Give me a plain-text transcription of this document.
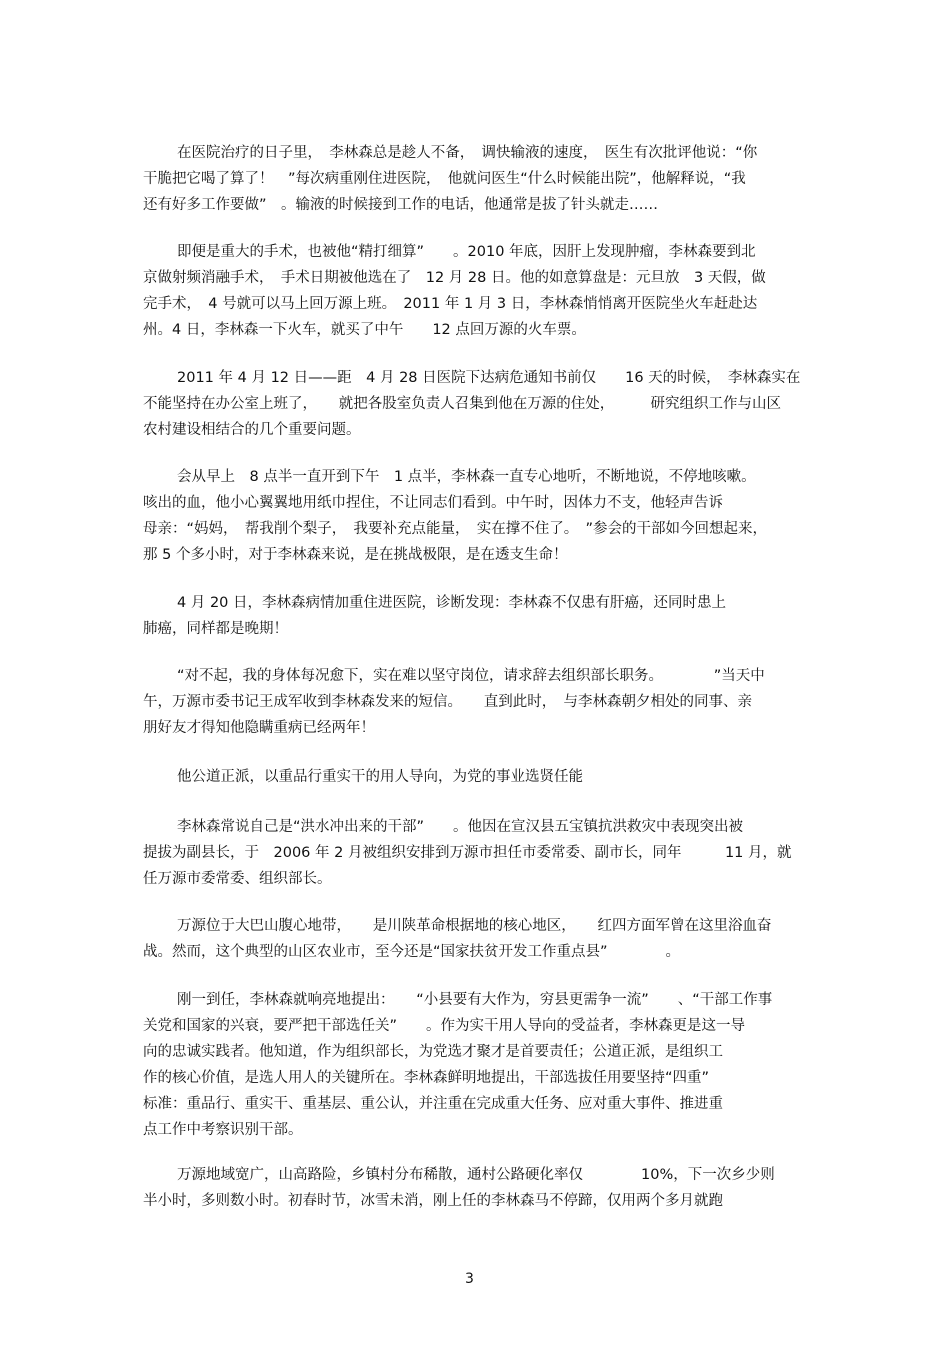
在医院治疗的日子里，　李林森总是趁人不备，　调快输液的速度，　医生有次批评他说：“你
干脆把它喝了算了！　”每次病重刚住进医院，　他就问医生“什么时候能出院”，他解释说，“我
还有好多工作要做”　。输液的时候接到工作的电话，他通常是拔了针头就走……
即便是重大的手术，也被他“精打细算”　　。2010 年底，因肝上发现肿瘤，李林森要到北
京做射频消融手术，　手术日期被他选在了　12 月 28 日。他的如意算盘是：元旦放　3 天假，做
完手术，　4 号就可以马上回万源上班。　2011 年 1 月 3 日，李林森悄悄离开医院坐火车赶赴达
州。4 日，李林森一下火车，就买了中午　　12 点回万源的火车票。
2011 年 4 月 12 日——距　4 月 28 日医院下达病危通知书前仅　　16 天的时候，　李林森实在
不能坚持在办公室上班了，　　就把各股室负责人召集到他在万源的住处，　　　研究组织工作与山区
农村建设相结合的几个重要问题。
会从早上　8 点半一直开到下午　1 点半，李林森一直专心地听，不断地说，不停地咳嗽。
咳出的血，他小心翼翼地用纸巾捏住，不让同志们看到。中午时，因体力不支，他轻声告诉
母亲：“妈妈，　帮我削个梨子，　我要补充点能量，　实在撑不住了。　”参会的干部如今回想起来，
那 5 个多小时，对于李林森来说，是在挑战极限，是在透支生命！
4 月 20 日，李林森病情加重住进医院，诊断发现：李林森不仅患有肝癌，还同时患上
肺癌，同样都是晚期！
“对不起，我的身体每况愈下，实在难以坚守岗位，请求辞去组织部长职务。　　　　”当天中
午，万源市委书记王成军收到李林森发来的短信。　　直到此时，　与李林森朝夕相处的同事、亲
朋好友才得知他隐瞒重病已经两年！
他公道正派，以重品行重实干的用人导向，为党的事业选贤任能
李林森常说自己是“洪水冲出来的干部”　　。他因在宣汉县五宝镇抗洪救灾中表现突出被
提拔为副县长，于　2006 年 2 月被组织安排到万源市担任市委常委、副市长，同年　　　11 月，就
任万源市委常委、组织部长。
万源位于大巴山腹心地带，　　是川陕革命根据地的核心地区，　　红四方面军曾在这里浴血奋
战。然而，这个典型的山区农业市，至今还是“国家扶贫开发工作重点县”　　　　。
刚一到任，李林森就响亮地提出：　　“小县要有大作为，穷县更需争一流”　　、“干部工作事
关党和国家的兴衰，要严把干部选任关”　　。作为实干用人导向的受益者，李林森更是这一导
向的忠诚实践者。他知道，作为组织部长，为党选才聚才是首要责任；公道正派，是组织工
作的核心价值，是选人用人的关键所在。李林森鲜明地提出，干部选拔任用要坚持“四重”
标准：重品行、重实干、重基层、重公认，并注重在完成重大任务、应对重大事件、推进重
点工作中考察识别干部。
万源地域宽广，山高路险，乡镇村分布稀散，通村公路硬化率仅　　　　10%，下一次乡少则
半小时，多则数小时。初春时节，冰雪未消，刚上任的李林森马不停蹄，仅用两个多月就跑
3
